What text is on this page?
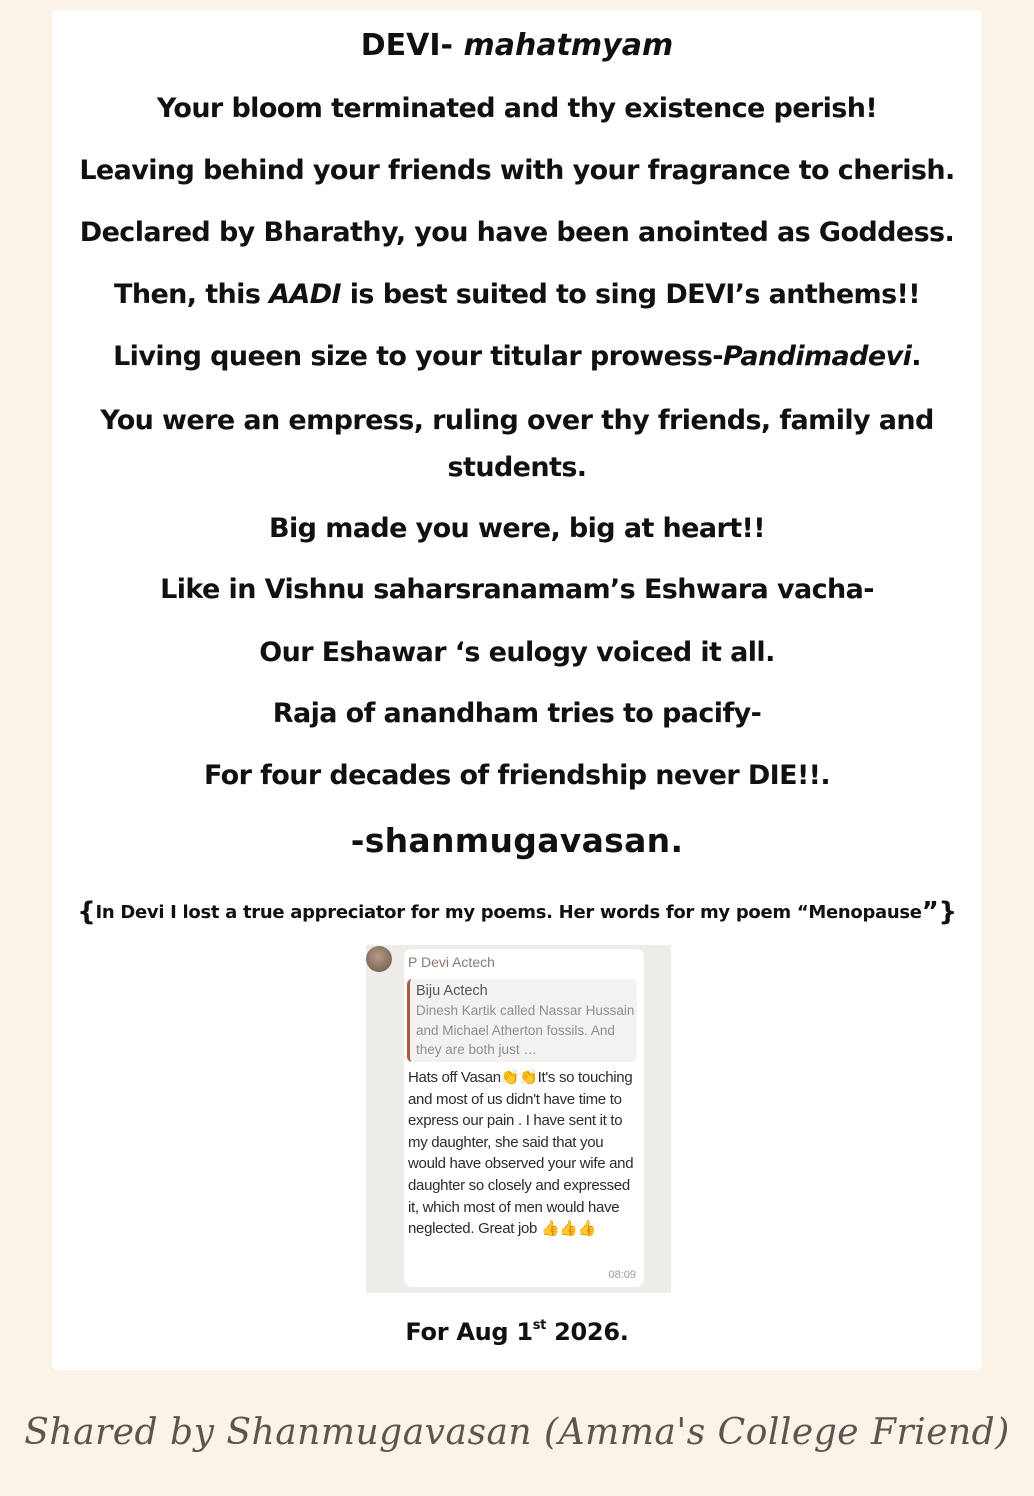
DEVI- mahatmyam
Your bloom terminated and thy existence perish!
Leaving behind your friends with your fragrance to cherish.
Declared by Bharathy, you have been anointed as Goddess.
Then, this AADI is best suited to sing DEVI’s anthems!!
Living queen size to your titular prowess-Pandimadevi.
You were an empress, ruling over thy friends, family and students.
Big made you were, big at heart!!
Like in Vishnu saharsranamam’s Eshwara vacha-
Our Eshawar ‘s eulogy voiced it all.
Raja of anandham tries to pacify-
For four decades of friendship never DIE!!.
-shanmugavasan.
{In Devi I lost a true appreciator for my poems. Her words for my poem “Menopause”}
P Devi Actech
Biju Actech
Dinesh Kartik called Nassar Hussain and Michael Atherton fossils. And they are both just …
Hats off Vasan👏👏It's so touching and most of us didn't have time to express our pain . I have sent it to my daughter, she said that you would have observed your wife and daughter so closely and expressed it, which most of men would have neglected. Great job 👍👍👍
08:09
For Aug 1st 2026.
Shared by Shanmugavasan (Amma's College Friend)
